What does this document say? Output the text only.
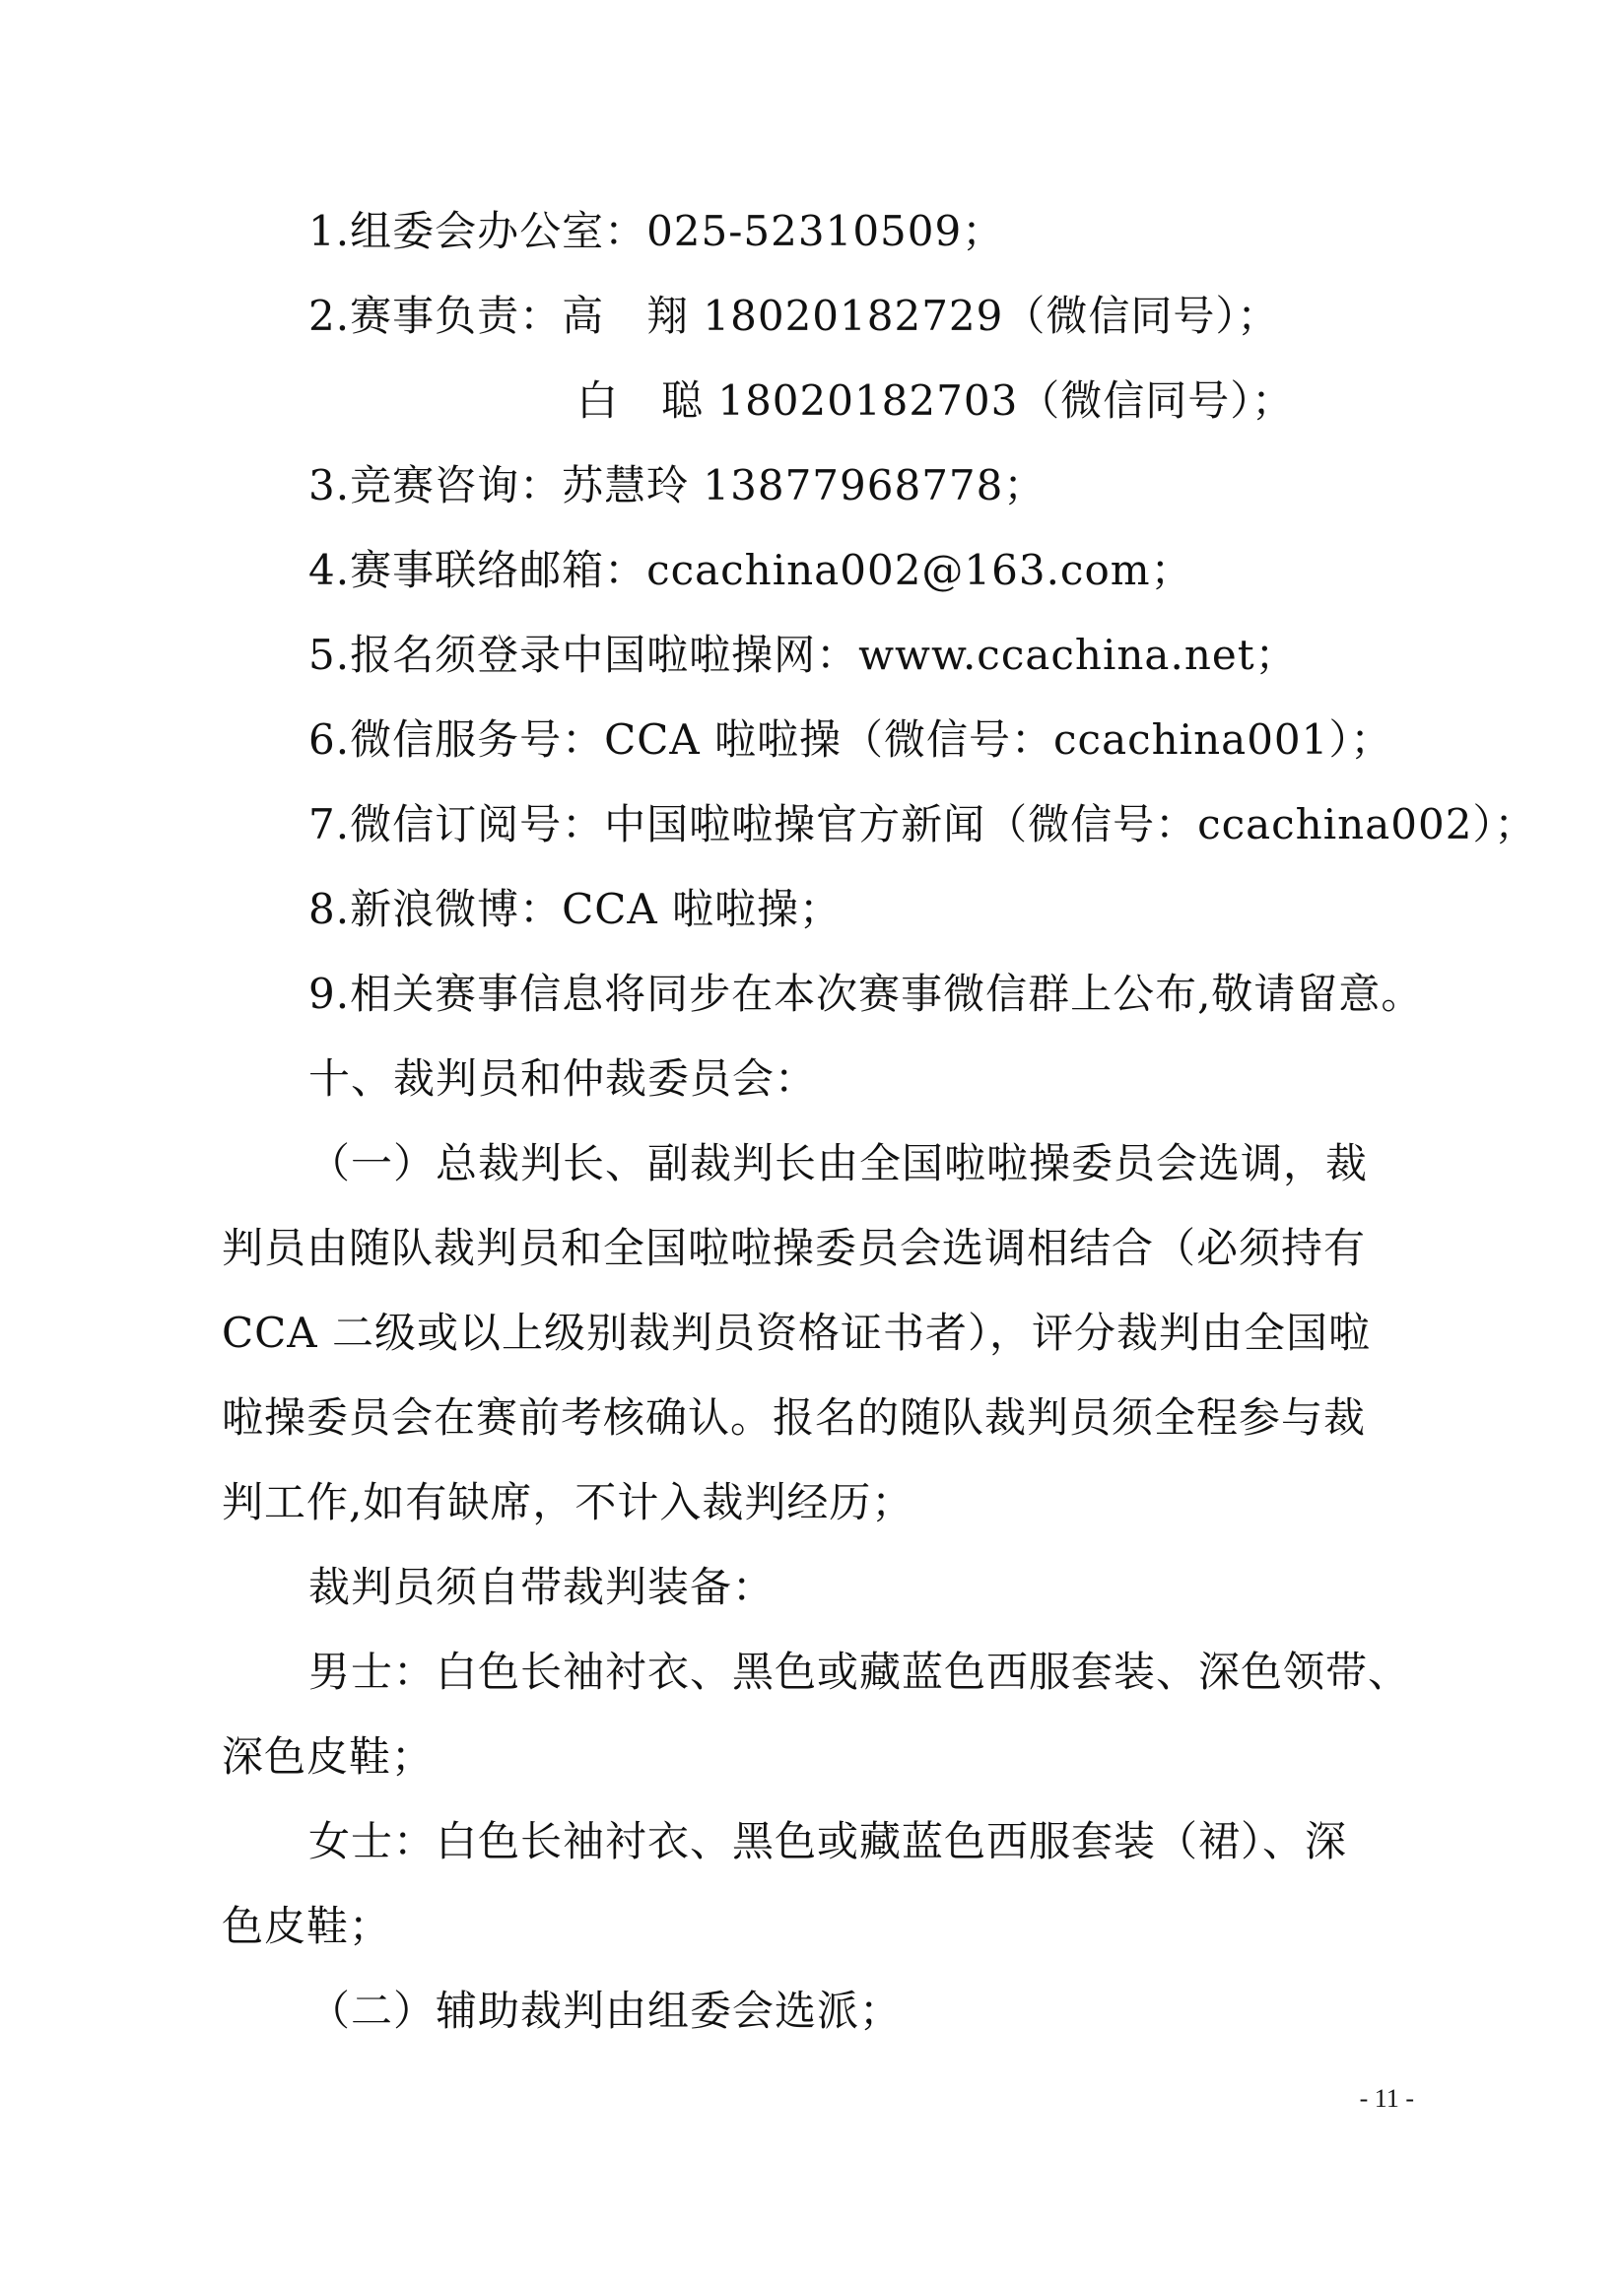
1.组委会办公室：025-52310509；
2.赛事负责：高　翔 18020182729（微信同号）；
白　聪 18020182703（微信同号）；
3.竞赛咨询：苏慧玲 13877968778；
4.赛事联络邮箱：ccachina002@163.com；
5.报名须登录中国啦啦操网：www.ccachina.net；
6.微信服务号：CCA 啦啦操（微信号：ccachina001）；
7.微信订阅号：中国啦啦操官方新闻（微信号：ccachina002）；
8.新浪微博：CCA 啦啦操；
9.相关赛事信息将同步在本次赛事微信群上公布,敬请留意。
十、裁判员和仲裁委员会：
（一）总裁判长、副裁判长由全国啦啦操委员会选调，裁
判员由随队裁判员和全国啦啦操委员会选调相结合（必须持有
CCA 二级或以上级别裁判员资格证书者），评分裁判由全国啦
啦操委员会在赛前考核确认。报名的随队裁判员须全程参与裁
判工作,如有缺席，不计入裁判经历；
裁判员须自带裁判装备：
男士：白色长袖衬衣、黑色或藏蓝色西服套装、深色领带、
深色皮鞋；
女士：白色长袖衬衣、黑色或藏蓝色西服套装（裙）、深
色皮鞋；
（二）辅助裁判由组委会选派；
- 11 -
